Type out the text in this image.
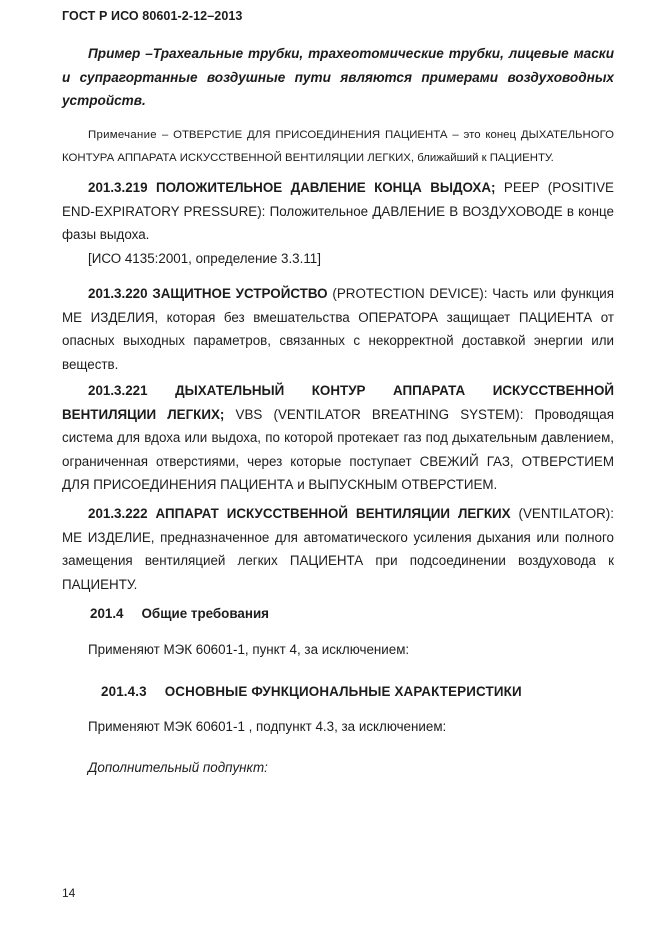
ГОСТ Р ИСО 80601-2-12–2013
Пример –Трахеальные трубки, трахеотомические трубки, лицевые маски и супрагортанные воздушные пути являются примерами воздуховодных устройств.
Примечание – ОТВЕРСТИЕ ДЛЯ ПРИСОЕДИНЕНИЯ ПАЦИЕНТА – это конец ДЫХАТЕЛЬНОГО КОНТУРА АППАРАТА ИСКУССТВЕННОЙ ВЕНТИЛЯЦИИ ЛЕГКИХ, ближайший к ПАЦИЕНТУ.
201.3.219 ПОЛОЖИТЕЛЬНОЕ ДАВЛЕНИЕ КОНЦА ВЫДОХА; PEEP (POSITIVE END-EXPIRATORY PRESSURE): Положительное ДАВЛЕНИЕ В ВОЗДУХОВОДЕ в конце фазы выдоха.
[ИСО 4135:2001, определение 3.3.11]
201.3.220 ЗАЩИТНОЕ УСТРОЙСТВО (PROTECTION DEVICE): Часть или функция МЕ ИЗДЕЛИЯ, которая без вмешательства ОПЕРАТОРА защищает ПАЦИЕНТА от опасных выходных параметров, связанных с некорректной доставкой энергии или веществ.
201.3.221 ДЫХАТЕЛЬНЫЙ КОНТУР АППАРАТА ИСКУССТВЕННОЙ ВЕНТИЛЯЦИИ ЛЕГКИХ; VBS (VENTILATOR BREATHING SYSTEM): Проводящая система для вдоха или выдоха, по которой протекает газ под дыхательным давлением, ограниченная отверстиями, через которые поступает СВЕЖИЙ ГАЗ, ОТВЕРСТИЕМ ДЛЯ ПРИСОЕДИНЕНИЯ ПАЦИЕНТА и ВЫПУСКНЫМ ОТВЕРСТИЕМ.
201.3.222 АППАРАТ ИСКУССТВЕННОЙ ВЕНТИЛЯЦИИ ЛЕГКИХ (VENTILATOR): МЕ ИЗДЕЛИЕ, предназначенное для автоматического усиления дыхания или полного замещения вентиляцией легких ПАЦИЕНТА при подсоединении воздуховода к ПАЦИЕНТУ.
201.4 Общие требования
Применяют МЭК 60601-1, пункт 4, за исключением:
201.4.3 ОСНОВНЫЕ ФУНКЦИОНАЛЬНЫЕ ХАРАКТЕРИСТИКИ
Применяют МЭК 60601-1 , подпункт 4.3, за исключением:
Дополнительный подпункт:
14
